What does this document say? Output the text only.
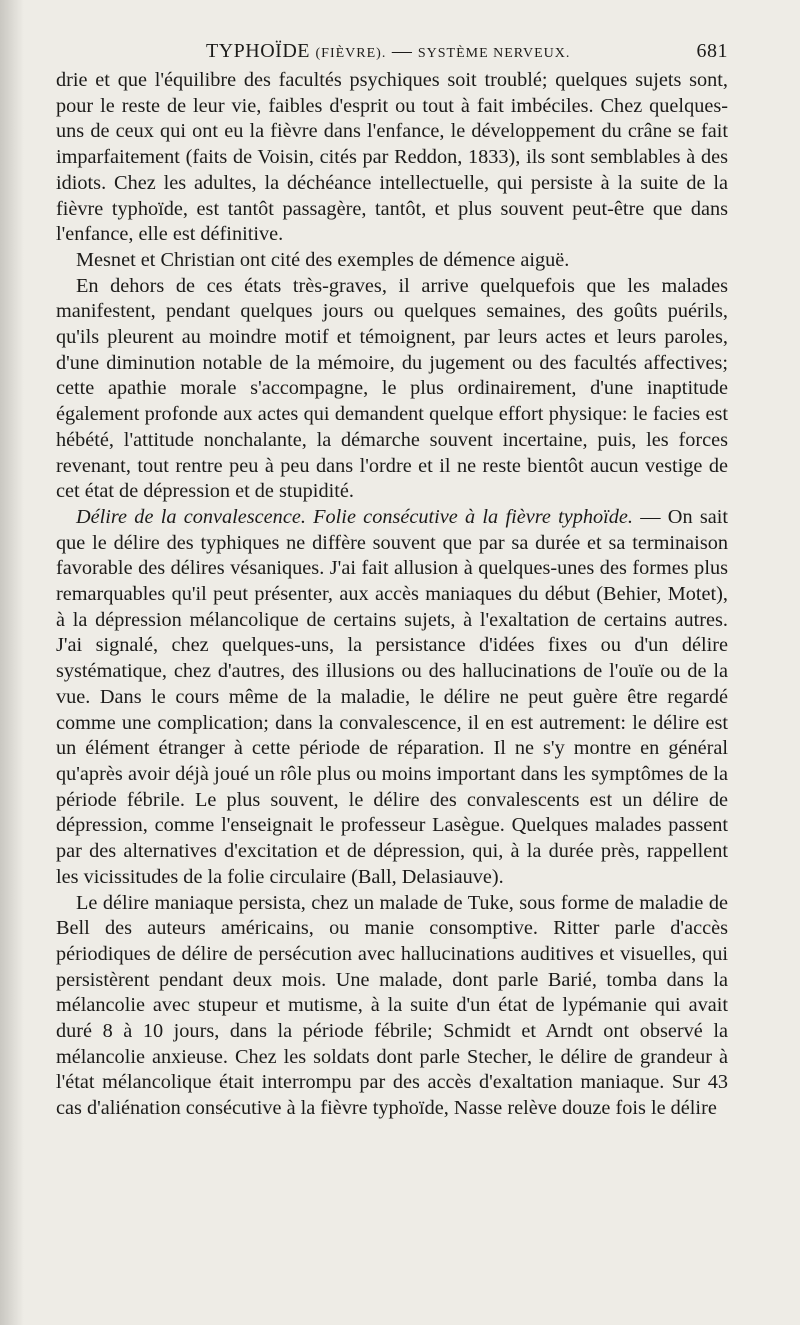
TYPHOÏDE (FIÈVRE). — SYSTÈME NERVEUX.	681

drie et que l'équilibre des facultés psychiques soit troublé; quelques sujets sont, pour le reste de leur vie, faibles d'esprit ou tout à fait imbéciles. Chez quelques-uns de ceux qui ont eu la fièvre dans l'enfance, le développement du crâne se fait imparfaitement (faits de Voisin, cités par Reddon, 1833), ils sont semblables à des idiots. Chez les adultes, la déchéance intellectuelle, qui persiste à la suite de la fièvre typhoïde, est tantôt passagère, tantôt, et plus souvent peut-être que dans l'enfance, elle est définitive.

Mesnet et Christian ont cité des exemples de démence aiguë.

En dehors de ces états très-graves, il arrive quelquefois que les malades manifestent, pendant quelques jours ou quelques semaines, des goûts puérils, qu'ils pleurent au moindre motif et témoignent, par leurs actes et leurs paroles, d'une diminution notable de la mémoire, du jugement ou des facultés affectives; cette apathie morale s'accompagne, le plus ordinairement, d'une inaptitude également profonde aux actes qui demandent quelque effort physique: le facies est hébété, l'attitude nonchalante, la démarche souvent incertaine, puis, les forces revenant, tout rentre peu à peu dans l'ordre et il ne reste bientôt aucun vestige de cet état de dépression et de stupidité.

Délire de la convalescence. Folie consécutive à la fièvre typhoïde. — On sait que le délire des typhiques ne diffère souvent que par sa durée et sa terminaison favorable des délires vésaniques. J'ai fait allusion à quelques-unes des formes plus remarquables qu'il peut présenter, aux accès maniaques du début (Behier, Motet), à la dépression mélancolique de certains sujets, à l'exaltation de certains autres. J'ai signalé, chez quelques-uns, la persistance d'idées fixes ou d'un délire systématique, chez d'autres, des illusions ou des hallucinations de l'ouïe ou de la vue. Dans le cours même de la maladie, le délire ne peut guère être regardé comme une complication; dans la convalescence, il en est autrement: le délire est un élément étranger à cette période de réparation. Il ne s'y montre en général qu'après avoir déjà joué un rôle plus ou moins important dans les symptômes de la période fébrile. Le plus souvent, le délire des convalescents est un délire de dépression, comme l'enseignait le professeur Lasègue. Quelques malades passent par des alternatives d'excitation et de dépression, qui, à la durée près, rappellent les vicissitudes de la folie circulaire (Ball, Delasiauve).

Le délire maniaque persista, chez un malade de Tuke, sous forme de maladie de Bell des auteurs américains, ou manie consomptive. Ritter parle d'accès périodiques de délire de persécution avec hallucinations auditives et visuelles, qui persistèrent pendant deux mois. Une malade, dont parle Barié, tomba dans la mélancolie avec stupeur et mutisme, à la suite d'un état de lypémanie qui avait duré 8 à 10 jours, dans la période fébrile; Schmidt et Arndt ont observé la mélancolie anxieuse. Chez les soldats dont parle Stecher, le délire de grandeur à l'état mélancolique était interrompu par des accès d'exaltation maniaque. Sur 43 cas d'aliénation consécutive à la fièvre typhoïde, Nasse relève douze fois le délire
